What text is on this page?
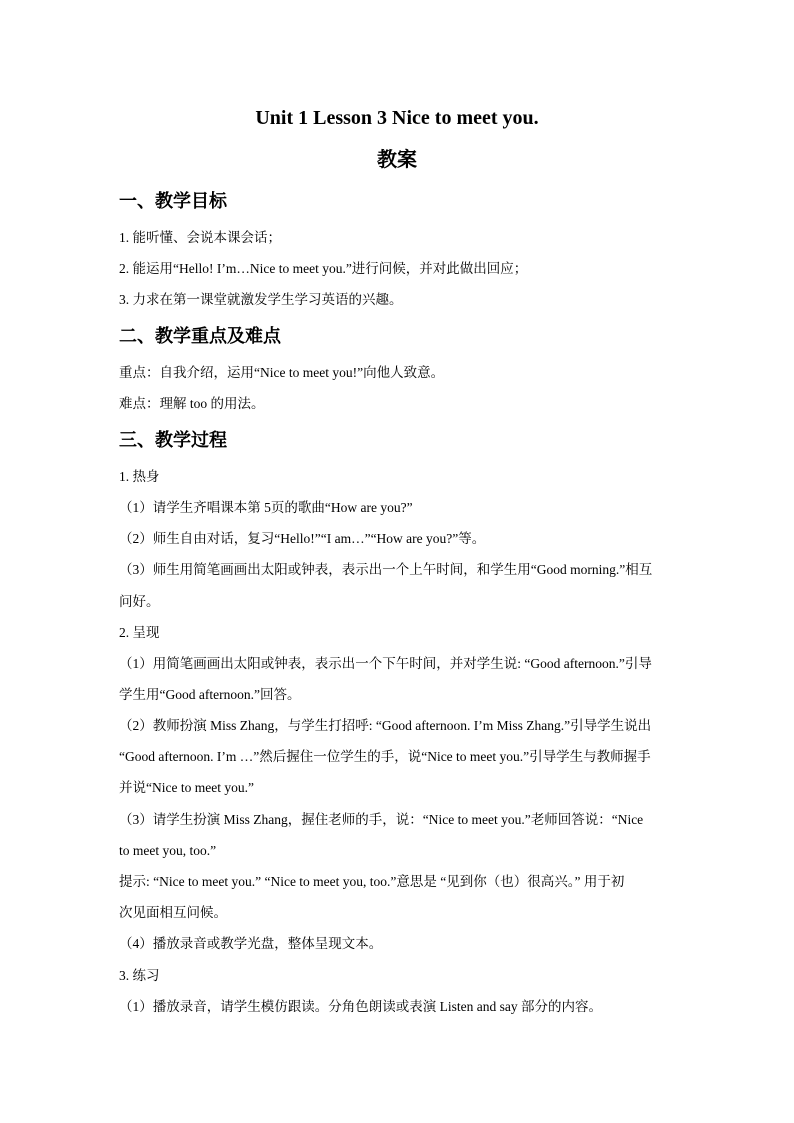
Unit 1 Lesson 3 Nice to meet you.
教案
一、教学目标
1. 能听懂、会说本课会话；
2. 能运用“Hello! I’m…Nice to meet you.”进行问候，并对此做出回应；
3. 力求在第一课堂就激发学生学习英语的兴趣。
二、教学重点及难点
重点：自我介绍，运用“Nice to meet you!”向他人致意。
难点：理解 too 的用法。
三、教学过程
1. 热身
（1）请学生齐唱课本第 5页的歌曲“How are you?”
（2）师生自由对话，复习“Hello!”“I am…”“How are you?”等。
（3）师生用简笔画画出太阳或钟表，表示出一个上午时间，和学生用“Good morning.”相互
问好。
2. 呈现
（1）用简笔画画出太阳或钟表，表示出一个下午时间，并对学生说: “Good afternoon.”引导
学生用“Good afternoon.”回答。
（2）教师扮演 Miss Zhang，与学生打招呼: “Good afternoon. I’m Miss Zhang.”引导学生说出
“Good afternoon. I’m …”然后握住一位学生的手，说“Nice to meet you.”引导学生与教师握手
并说“Nice to meet you.”
（3）请学生扮演 Miss Zhang，握住老师的手，说：“Nice to meet you.”老师回答说：“Nice
to meet you, too.”
提示: “Nice to meet you.” “Nice to meet you, too.”意思是 “见到你（也）很高兴。” 用于初
次见面相互问候。
（4）播放录音或教学光盘，整体呈现文本。
3. 练习
（1）播放录音，请学生模仿跟读。分角色朗读或表演 Listen and say 部分的内容。
